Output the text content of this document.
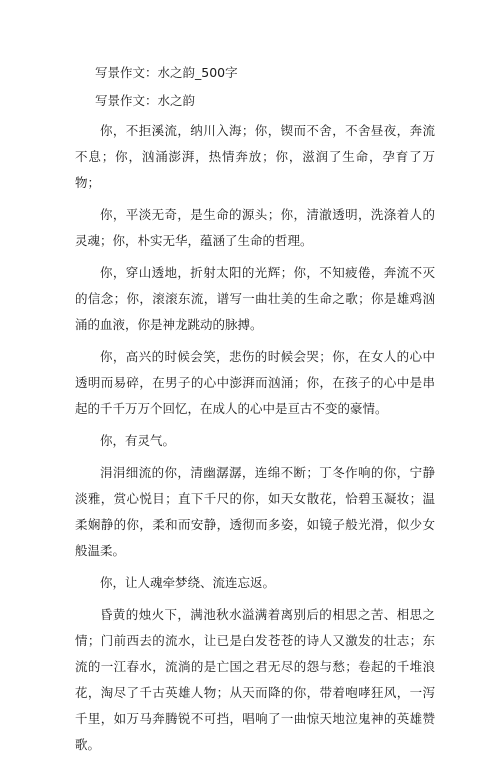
写景作文：水之韵_500字
写景作文：水之韵

你，不拒溪流，纳川入海；你，锲而不舍，不舍昼夜，奔流不息；你，汹涌澎湃，热情奔放；你，滋润了生命，孕育了万物；

你，平淡无奇，是生命的源头；你，清澈透明，洗涤着人的灵魂；你，朴实无华，蕴涵了生命的哲理。

你，穿山透地，折射太阳的光辉；你，不知疲倦，奔流不灭的信念；你，滚滚东流，谱写一曲壮美的生命之歌；你是雄鸡汹涌的血液，你是神龙跳动的脉搏。

你，高兴的时候会笑，悲伤的时候会哭；你，在女人的心中透明而易碎，在男子的心中澎湃而汹涌；你，在孩子的心中是串起的千千万万个回忆，在成人的心中是亘古不变的豪情。

你，有灵气。

涓涓细流的你，清幽潺潺，连绵不断；丁冬作响的你，宁静淡雅，赏心悦目；直下千尺的你，如天女散花，恰碧玉凝妆；温柔娴静的你，柔和而安静，透彻而多姿，如镜子般光滑，似少女般温柔。

你，让人魂牵梦绕、流连忘返。

昏黄的烛火下，满池秋水溢满着离别后的相思之苦、相思之情；门前西去的流水，让已是白发苍苍的诗人又激发的壮志；东流的一江春水，流淌的是亡国之君无尽的怨与愁；卷起的千堆浪花，淘尽了千古英雄人物；从天而降的你，带着咆哮狂风，一泻千里，如万马奔腾锐不可挡，唱响了一曲惊天地泣鬼神的英雄赞歌。
